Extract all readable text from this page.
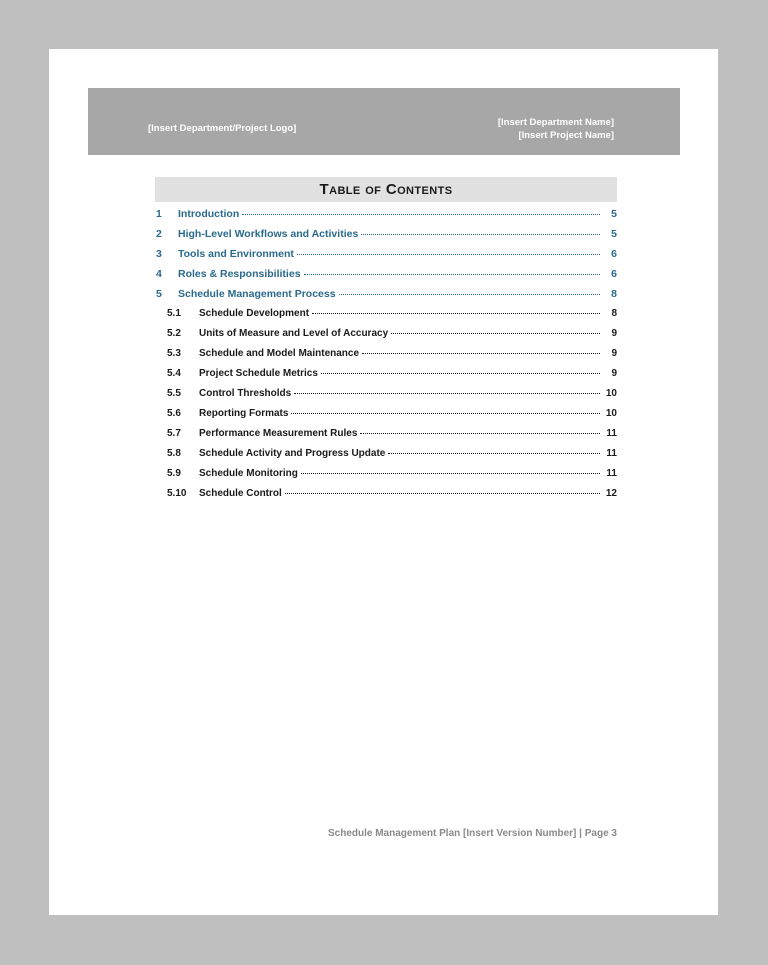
[Insert Department/Project Logo]
[Insert Department Name]
[Insert Project Name]
Table of Contents
1	Introduction	5
2	High-Level Workflows and Activities	5
3	Tools and Environment	6
4	Roles & Responsibilities	6
5	Schedule Management Process	8
5.1	Schedule Development	8
5.2	Units of Measure and Level of Accuracy	9
5.3	Schedule and Model Maintenance	9
5.4	Project Schedule Metrics	9
5.5	Control Thresholds	10
5.6	Reporting Formats	10
5.7	Performance Measurement Rules	11
5.8	Schedule Activity and Progress Update	11
5.9	Schedule Monitoring	11
5.10	Schedule Control	12
Schedule Management Plan [Insert Version Number] | Page 3
